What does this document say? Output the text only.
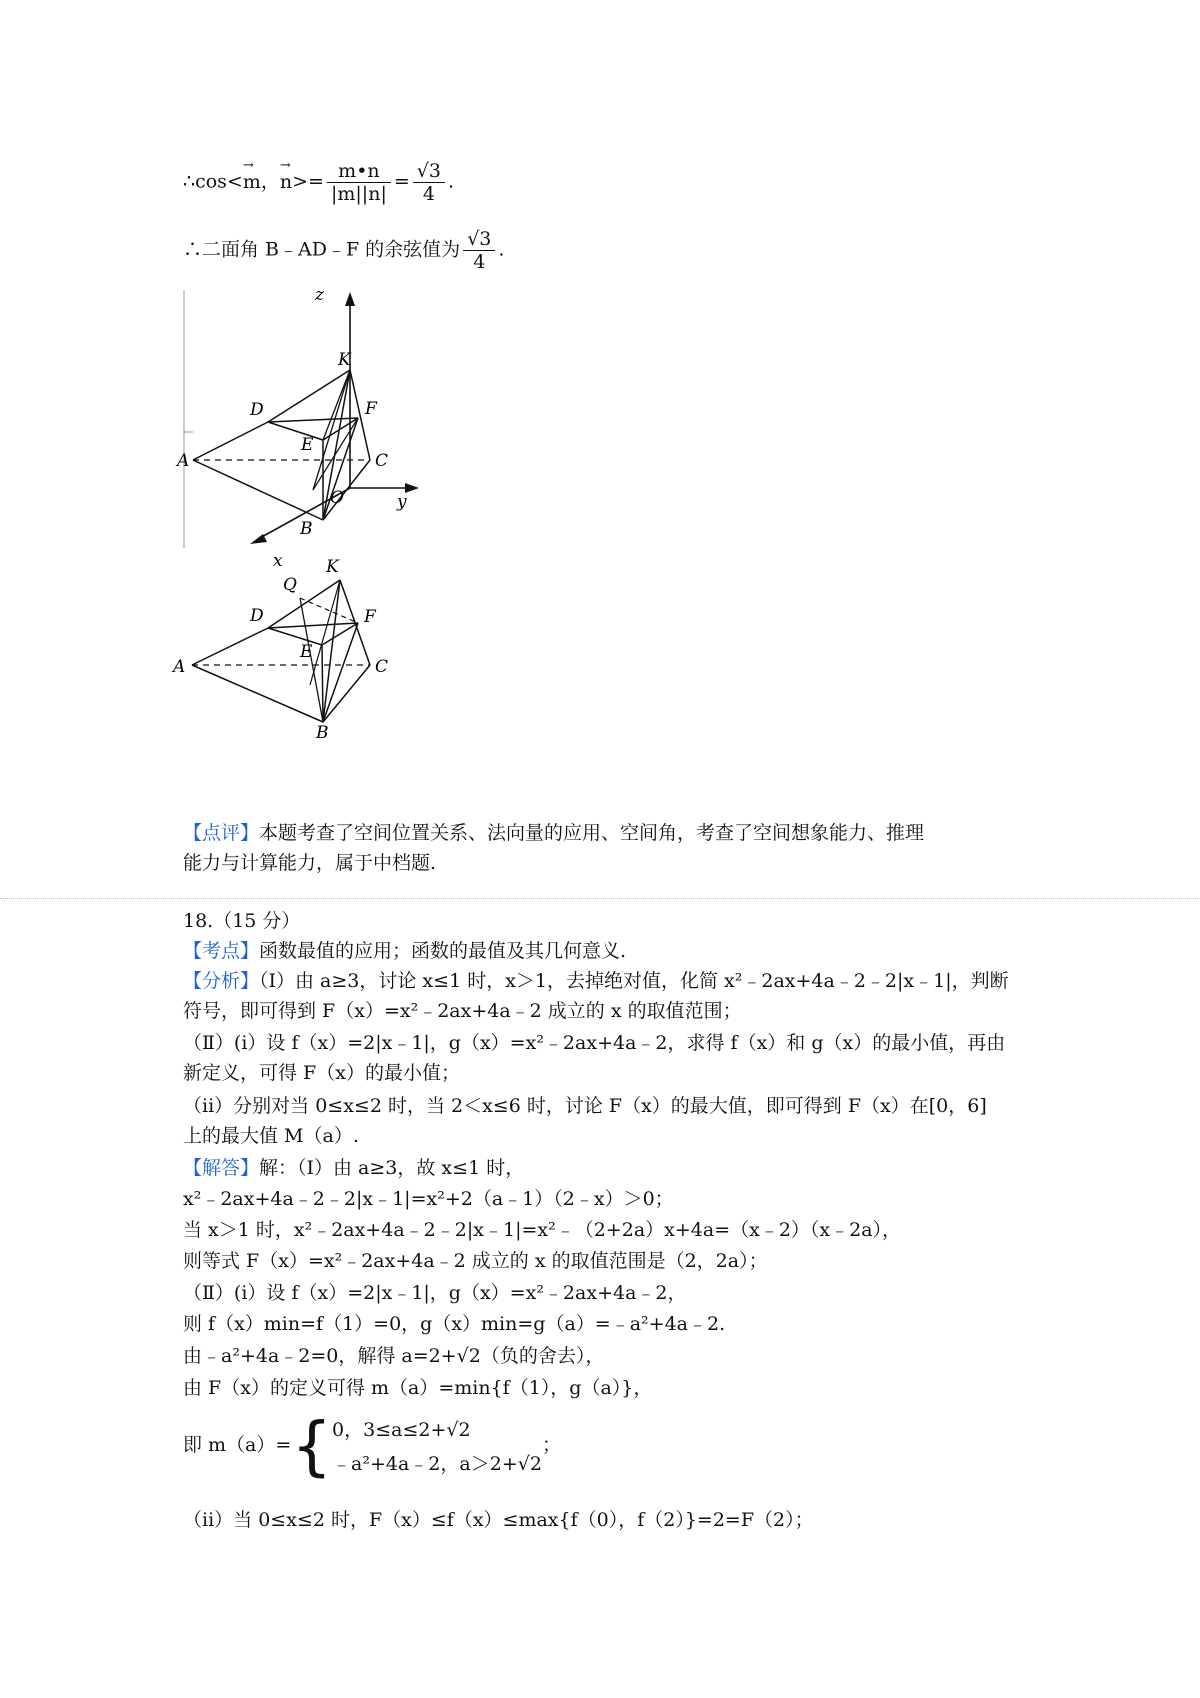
∴cos<→ m，→ $n>= \frac{m•n}{|m||n|} = \frac{√3}{4}$ .
∴二面角 B﹣AD﹣F 的余弦值为 $\frac{√3}{4}$ .
z
K
D	F
E
A	C
O	y
B
x	K
Q
D	F
E
A	C
B
【点评】本题考查了空间位置关系、法向量的应用、空间角，考查了空间想象能力、推理
能力与计算能力，属于中档题.
18.（15 分）
【考点】函数最值的应用；函数的最值及其几何意义.
【分析】（Ⅰ）由 a≥3，讨论 x≤1 时，x＞1，去掉绝对值，化简 x²﹣2ax+4a﹣2﹣2|x﹣1|，判断
符号，即可得到 F（x）=x²﹣2ax+4a﹣2 成立的 x 的取值范围；
（Ⅱ）(i）设 f（x）=2|x﹣1|，g（x）=x²﹣2ax+4a﹣2，求得 f（x）和 g（x）的最小值，再由
新定义，可得 F（x）的最小值；
（ii）分别对当 0≤x≤2 时，当 2＜x≤6 时，讨论 F（x）的最大值，即可得到 F（x）在[0，6]
上的最大值 M（a）.
【解答】解：（Ⅰ）由 a≥3，故 x≤1 时，
x²﹣2ax+4a﹣2﹣2|x﹣1|=x²+2（a﹣1）（2﹣x）＞0；
当 x＞1 时，x²﹣2ax+4a﹣2﹣2|x﹣1|=x²﹣（2+2a）x+4a=（x﹣2）（x﹣2a），
则等式 F（x）=x²﹣2ax+4a﹣2 成立的 x 的取值范围是（2，2a）；
（Ⅱ）(i）设 f（x）=2|x﹣1|，g（x）=x²﹣2ax+4a﹣2，
则 f（x）min=f（1）=0，g（x）min=g（a）=﹣a²+4a﹣2.
由﹣a²+4a﹣2=0，解得 a=2+√2（负的舍去），
由 F（x）的定义可得 m（a）=min{f（1），g（a）}，
即 m（a）={ 0，3≤a≤2+√2
﹣a²+4a﹣2，a＞2+√2
；
（ii）当 0≤x≤2 时，F（x）≤f（x）≤max{f（0），f（2）}=2=F（2）；
